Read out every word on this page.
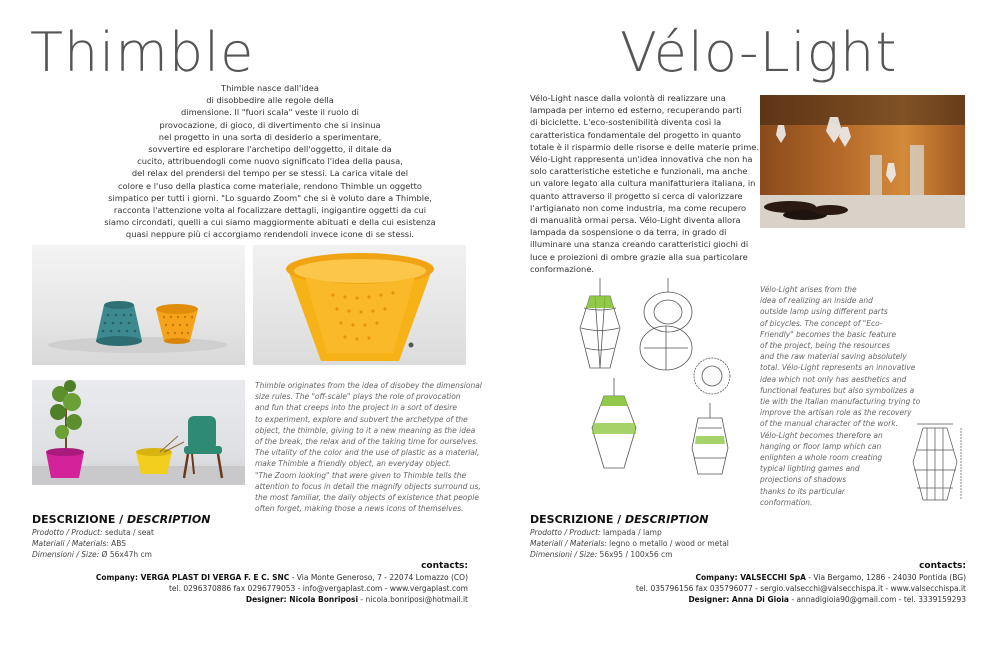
Thimble
Thimble nasce dall'idea
di disobbedire alle regole della
dimensione. Il "fuori scala" veste il ruolo di
provocazione, di gioco, di divertimento che si insinua
nel progetto in una sorta di desiderio a sperimentare,
sovvertire ed esplorare l'archetipo dell'oggetto, il ditale da
cucito, attribuendogli come nuovo significato l'idea della pausa,
del relax del prendersi del tempo per se stessi. La carica vitale del
colore e l'uso della plastica come materiale, rendono Thimble un oggetto
simpatico per tutti i giorni. "Lo sguardo Zoom" che si è voluto dare a Thimble,
racconta l'attenzione volta al focalizzare dettagli, ingigantire oggetti da cui
siamo circondati, quelli a cui siamo maggiormente abituati e della cui esistenza
quasi neppure più ci accorgiamo rendendoli invece icone di se stessi.
Thimble originates from the idea of disobey the dimensional
size rules. The "off-scale" plays the role of provocation
and fun that creeps into the project in a sort of desire
to experiment, explore and subvert the archetype of the
object, the thimble, giving to it a new meaning as the idea
of the break, the relax and of the taking time for ourselves.
The vitality of the color and the use of plastic as a material,
make Thimble a friendly object, an everyday object.
"The Zoom looking" that were given to Thimble tells the
attention to focus in detail the magnify objects surround us,
the most familiar, the daily objects of existence that people
often forget, making those a news icons of themselves.
DESCRIZIONE / DESCRIPTION
Prodotto / Product: seduta / seat
Materiali / Materials: ABS
Dimensioni / Size: Ø 56x47h cm
contacts:
Company: VERGA PLAST DI VERGA F. E C. SNC - Via Monte Generoso, 7 - 22074 Lomazzo (CO)
tel. 0296370886 fax 0296779053 - info@vergaplast.com - www.vergaplast.com
Designer: Nicola Bonriposi - nicola.bonriposi@hotmail.it
Vélo-Light
Vélo-Light nasce dalla volontà di realizzare una
lampada per interno ed esterno, recuperando parti
di biciclette. L'eco-sostenibilità diventa così la
caratteristica fondamentale del progetto in quanto
totale è il risparmio delle risorse e delle materie prime.
Vélo-Light rappresenta un'idea innovativa che non ha
solo caratteristiche estetiche e funzionali, ma anche
un valore legato alla cultura manifatturiera italiana, in
quanto attraverso il progetto si cerca di valorizzare
l'artigianato non come industria, ma come recupero
di manualità ormai persa. Vélo-Light diventa allora
lampada da sospensione o da terra, in grado di
illuminare una stanza creando caratteristici giochi di
luce e proiezioni di ombre grazie alla sua particolare
conformazione.
Vélo-Light arises from the
idea of realizing an inside and
outside lamp using different parts
of bicycles. The concept of "Eco-
Friendly" becomes the basic feature
of the project, being the resources
and the raw material saving absolutely
total. Vélo-Light represents an innovative
idea which not only has aesthetics and
functional features but also symbolizes a
tie with the Italian manufacturing trying to
improve the artisan role as the recovery
of the manual character of the work.
Vélo-Light becomes therefore an
hanging or floor lamp which can
enlighten a whole room creating
typical lighting games and
projections of shadows
thanks to its particular
conformation.
DESCRIZIONE / DESCRIPTION
Prodotto / Product: lampada / lamp
Materiali / Materials: legno o metallo / wood or metal
Dimensioni / Size: 56x95 / 100x56 cm
contacts:
Company: VALSECCHI SpA - Via Bergamo, 1286 - 24030 Pontida (BG)
tel. 035796156 fax 035796077 - sergio.valsecchi@valsecchispa.it - www.valsecchispa.it
Designer: Anna Di Gioia - annadigioia90@gmail.com - tel. 3339159293
